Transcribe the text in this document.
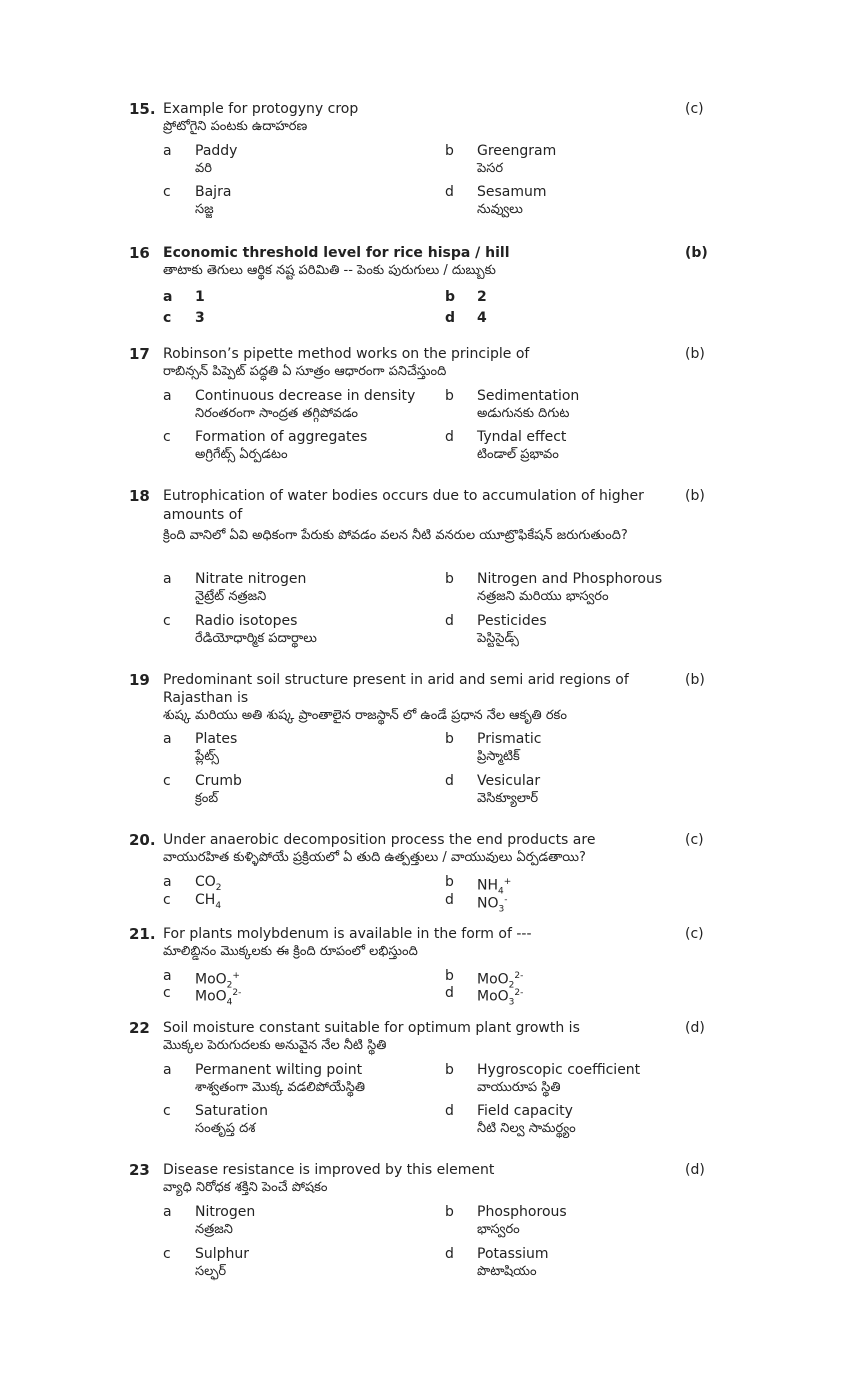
15. Example for protogyny crop
ప్రోటోగైని పంటకు ఉదాహరణ
(c)
a Paddy
వరి
b Greengram
పెసర
c Bajra
సజ్జ
d Sesamum
నువ్వులు
16 Economic threshold level for rice hispa / hill
తాటాకు తెగులు ఆర్థిక నష్ట పరిమితి -- పెంకు పురుగులు / దుబ్బుకు
(b)
a 1	b 2
c 3	d 4
17 Robinson’s pipette method works on the principle of
రాబిన్సన్ పిప్పెట్ పద్ధతి ఏ సూత్రం ఆధారంగా పనిచేస్తుంది
(b)
a Continuous decrease in density
నిరంతరంగా సాంద్రత తగ్గిపోవడం
b Sedimentation
అడుగునకు దిగుట
c Formation of aggregates
అగ్రిగేట్స్ ఏర్పడటం
d Tyndal effect
టిండాల్ ప్రభావం
18 Eutrophication of water bodies occurs due to accumulation of higher amounts of
క్రింది వానిలో ఏవి అధికంగా పేరుకు పోవడం వలన నీటి వనరుల యూట్రొఫికేషన్ జరుగుతుంది?
(b)
a Nitrate nitrogen
నైట్రేట్ నత్రజని
b Nitrogen and Phosphorous
నత్రజని మరియు భాస్వరం
c Radio isotopes
రేడియోధార్మిక పదార్థాలు
d Pesticides
పెస్టిసైడ్స్
19 Predominant soil structure present in arid and semi arid regions of Rajasthan is
శుష్క మరియు అతి శుష్క ప్రాంతాలైన రాజస్థాన్ లో ఉండే ప్రధాన నేల ఆకృతి రకం
(b)
a Plates
ప్లేట్స్
b Prismatic
ప్రిస్మాటిక్
c Crumb
క్రంబ్
d Vesicular
వెసిక్యూలార్
20. Under anaerobic decomposition process the end products are
వాయురహిత కుళ్ళిపోయే ప్రక్రియలో ఏ తుది ఉత్పత్తులు / వాయువులు ఏర్పడతాయి?
(c)
a $CO_2$	b $NH_4^+$
c $CH_4$	d $NO_3^-$
21. For plants molybdenum is available in the form of ---
మాలిబ్డినం మొక్కలకు ఈ క్రింది రూపంలో లభిస్తుంది
(c)
a MoO$_2$+	b MoO$_2^{2-}$
c MoO$_4^{2-}$	d MoO$_3^{2-}$
22 Soil moisture constant suitable for optimum plant growth is
మొక్కల పెరుగుదలకు అనువైన నేల నీటి స్థితి
(d)
a Permanent wilting point
శాశ్వతంగా మొక్క వడలిపోయేస్థితి
b Hygroscopic coefficient
వాయురూప స్థితి
c Saturation
సంతృప్త దశ
d Field capacity
నీటి నిల్వ సామర్థ్యం
23 Disease resistance is improved by this element
వ్యాధి నిరోధక శక్తిని పెంచే పోషకం
(d)
a Nitrogen
నత్రజని
b Phosphorous
భాస్వరం
c Sulphur
సల్ఫర్
d Potassium
పొటాషియం
